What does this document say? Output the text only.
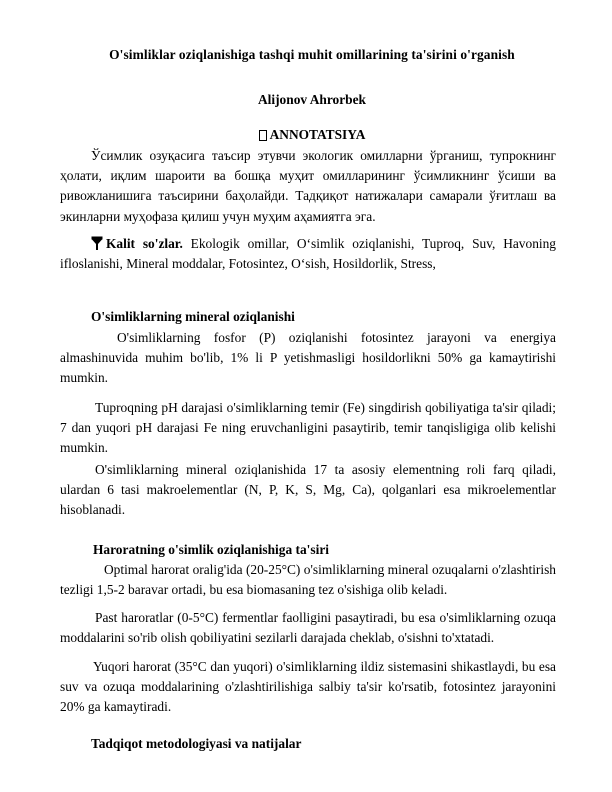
O'simliklar oziqlanishiga tashqi muhit omillarining ta'sirini o'rganish
Alijonov Ahrorbek
ANNOTATSIYA

Ўсимлик озуқасига таъсир этувчи экологик омилларни ўрганиш, тупрокнинг ҳолати, иқлим шароити ва бошқа муҳит омилларининг ўсимликнинг ўсиши ва ривожланишига таъсирини баҳолайди. Тадқиқот натижалари самарали ўғитлаш ва экинларни муҳофаза қилиш учун муҳим аҳамиятга эга.

Kalit so'zlar. Ekologik omillar, O‘simlik oziqlanishi, Tuproq, Suv, Havoning ifloslanishi, Mineral moddalar, Fotosintez, O‘sish, Hosildorlik, Stress,

O'simliklarning mineral oziqlanishi

O'simliklarning fosfor (P) oziqlanishi fotosintez jarayoni va energiya almashinuvida muhim bo'lib, 1% li P yetishmasligi hosildorlikni 50% ga kamaytirishi mumkin.

Tuproqning pH darajasi o'simliklarning temir (Fe) singdirish qobiliyatiga ta'sir qiladi; 7 dan yuqori pH darajasi Fe ning eruvchanligini pasaytirib, temir tanqisligiga olib kelishi mumkin.

O'simliklarning mineral oziqlanishida 17 ta asosiy elementning roli farq qiladi, ulardan 6 tasi makroelementlar (N, P, K, S, Mg, Ca), qolganlari esa mikroelementlar hisoblanadi.

Haroratning o'simlik oziqlanishiga ta'siri

Optimal harorat oralig'ida (20-25°C) o'simliklarning mineral ozuqalarni o'zlashtirish tezligi 1,5-2 baravar ortadi, bu esa biomasaning tez o'sishiga olib keladi.

Past haroratlar (0-5°C) fermentlar faolligini pasaytiradi, bu esa o'simliklarning ozuqa moddalarini so'rib olish qobiliyatini sezilarli darajada cheklab, o'sishni to'xtatadi.

Yuqori harorat (35°C dan yuqori) o'simliklarning ildiz sistemasini shikastlaydi, bu esa suv va ozuqa moddalarining o'zlashtirilishiga salbiy ta'sir ko'rsatib, fotosintez jarayonini 20% ga kamaytiradi.

Tadqiqot metodologiyasi va natijalar
